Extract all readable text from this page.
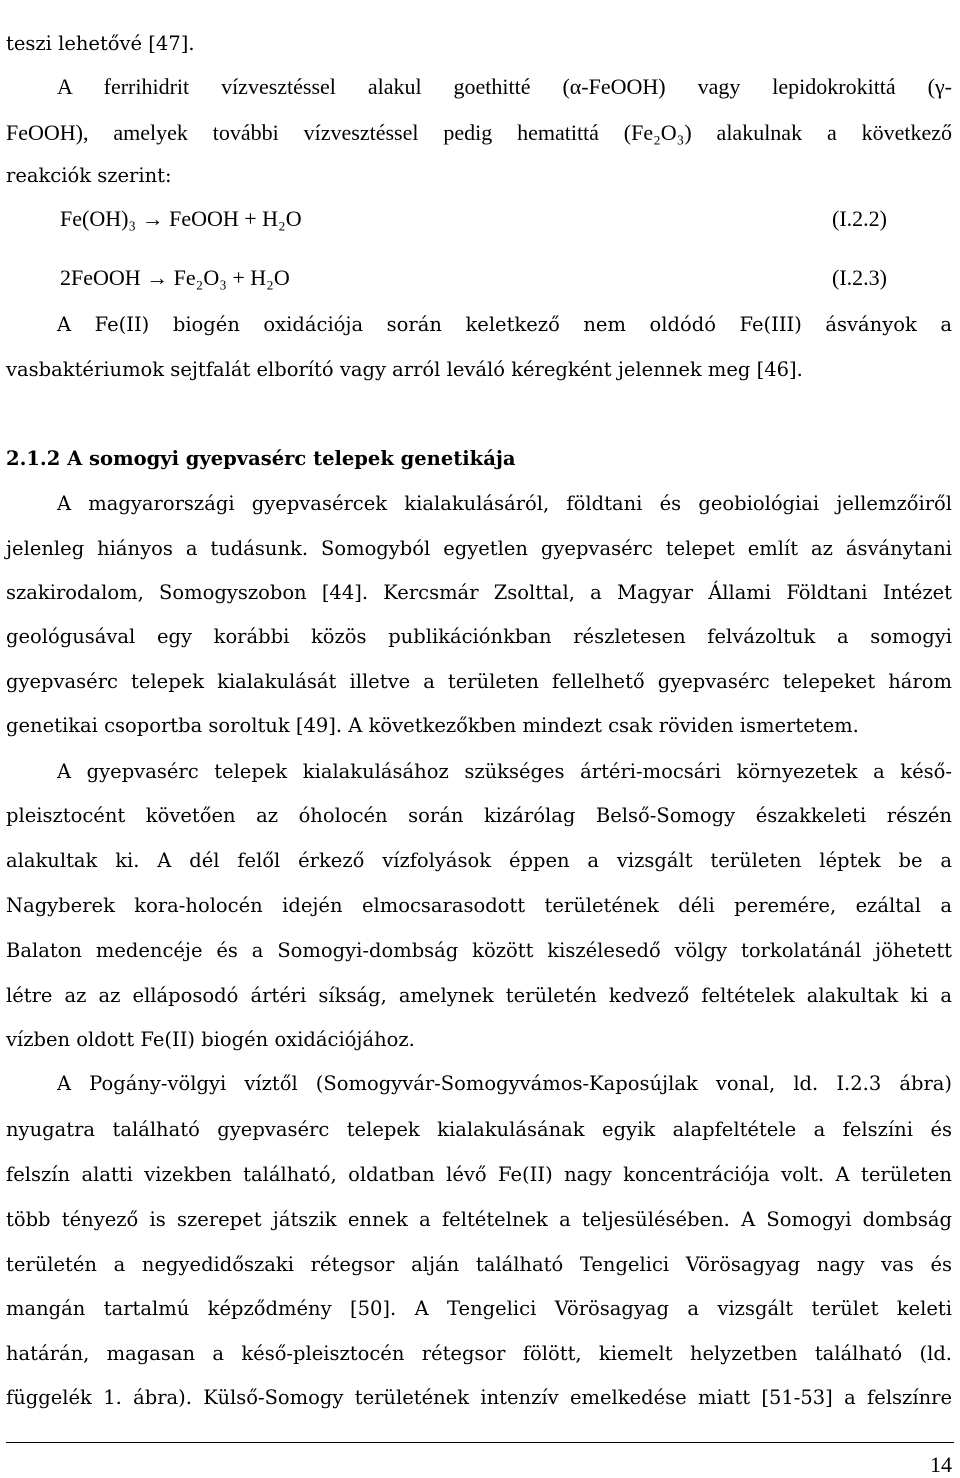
teszi lehetővé [47].
A ferrihidrit vízvesztéssel alakul goethitté (α-FeOOH) vagy lepidokrokittá (γ-
FeOOH), amelyek további vízvesztéssel pedig hematittá (Fe₂O₃) alakulnak a következő
reakciók szerint:
Fe(OH)₃ → FeOOH + H₂O	(I.2.2)
2FeOOH → Fe₂O₃ + H₂O	(I.2.3)
A Fe(II) biogén oxidációja során keletkező nem oldódó Fe(III) ásványok a
vasbaktériumok sejtfalát elborító vagy arról leváló kéregként jelennek meg [46].
2.1.2 A somogyi gyepvasérc telepek genetikája
A magyarországi gyepvasércek kialakulásáról, földtani és geobiológiai jellemzőiről
jelenleg hiányos a tudásunk. Somogyból egyetlen gyepvasérc telepet említ az ásványtani
szakirodalom, Somogyszobon [44]. Kercsmár Zsolttal, a Magyar Állami Földtani Intézet
geológusával egy korábbi közös publikációnkban részletesen felvázoltuk a somogyi
gyepvasérc telepek kialakulását illetve a területen fellelhető gyepvasérc telepeket három
genetikai csoportba soroltuk [49]. A következőkben mindezt csak röviden ismertetem.
A gyepvasérc telepek kialakulásához szükséges ártéri-mocsári környezetek a késő-
pleisztocént követően az óholocén során kizárólag Belső-Somogy északkeleti részén
alakultak ki. A dél felől érkező vízfolyások éppen a vizsgált területen léptek be a
Nagyberek kora-holocén idején elmocsarasodott területének déli peremére, ezáltal a
Balaton medencéje és a Somogyi-dombság között kiszélesedő völgy torkolatánál jöhetett
létre az az elláposodó ártéri síkság, amelynek területén kedvező feltételek alakultak ki a
vízben oldott Fe(II) biogén oxidációjához.
A Pogány-völgyi víztől (Somogyvár-Somogyvámos-Kaposújlak vonal, ld. I.2.3 ábra)
nyugatra található gyepvasérc telepek kialakulásának egyik alapfeltétele a felszíni és
felszín alatti vizekben található, oldatban lévő Fe(II) nagy koncentrációja volt. A területen
több tényező is szerepet játszik ennek a feltételnek a teljesülésében. A Somogyi dombság
területén a negyedidőszaki rétegsor alján található Tengelici Vörösagyag nagy vas és
mangán tartalmú képződmény [50]. A Tengelici Vörösagyag a vizsgált terület keleti
határán, magasan a késő-pleisztocén rétegsor fölött, kiemelt helyzetben található (ld.
függelék 1. ábra). Külső-Somogy területének intenzív emelkedése miatt [51-53] a felszínre
14
